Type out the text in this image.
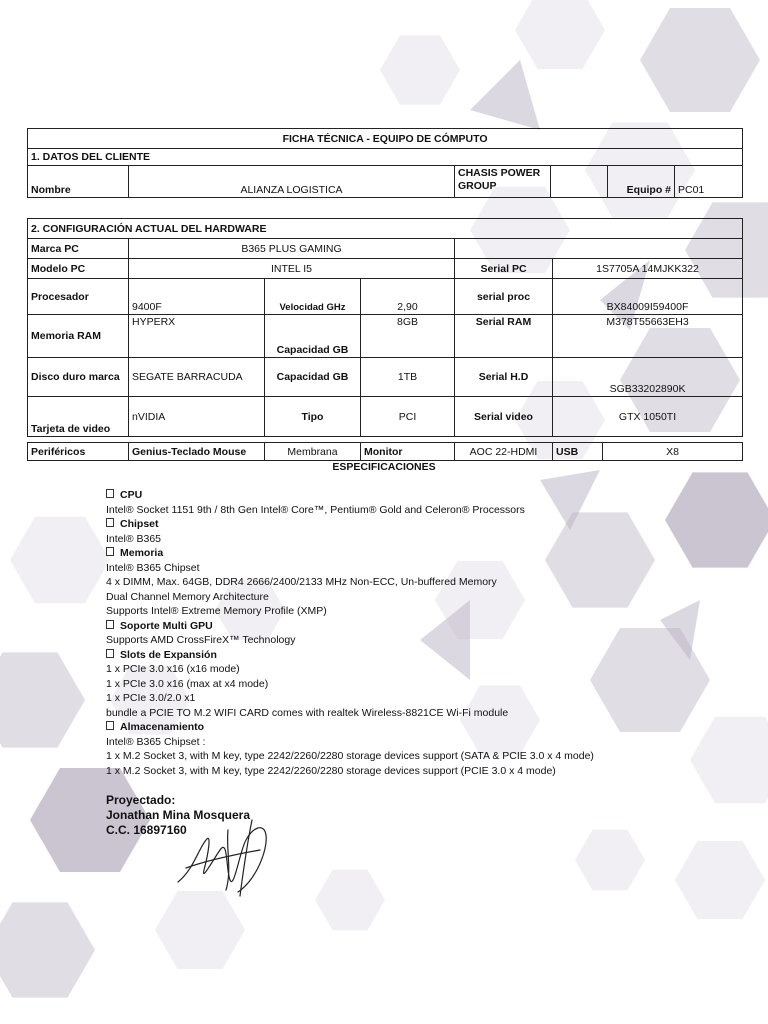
FICHA TÉCNICA - EQUIPO DE CÓMPUTO
1. DATOS DEL CLIENTE
Nombre	ALIANZA LOGISTICA	CHASIS POWER GROUP		Equipo #	PC01
2. CONFIGURACIÓN ACTUAL DEL HARDWARE					
Marca PC	B365 PLUS GAMING				
Modelo PC	INTEL I5			Serial PC	1S7705A 14MJKK322
Procesador	9400F	Velocidad GHz	2,90	serial proc	BX84009I59400F
Memoria RAM	HYPERX	Capacidad GB	8GB	Serial RAM	M378T55663EH3
Disco duro marca	SEGATE BARRACUDA	Capacidad GB	1TB	Serial H.D	SGB33202890K
Tarjeta de video	nVIDIA	Tipo	PCI	Serial video	GTX 1050TI
Periféricos	Genius-Teclado Mouse	Membrana	Monitor	AOC 22-HDMI	USB	X8
ESPECIFICACIONES
CPU
Intel® Socket 1151 9th / 8th Gen Intel® Core™, Pentium® Gold and Celeron® Processors
Chipset
Intel® B365
Memoria
Intel® B365 Chipset
4 x DIMM, Max. 64GB, DDR4 2666/2400/2133 MHz Non-ECC, Un-buffered Memory
Dual Channel Memory Architecture
Supports Intel® Extreme Memory Profile (XMP)
Soporte Multi GPU
Supports AMD CrossFireX™ Technology
Slots de Expansión
1 x PCIe 3.0 x16 (x16 mode)
1 x PCIe 3.0 x16 (max at x4 mode)
1 x PCIe 3.0/2.0 x1
bundle a PCIE TO M.2 WIFI CARD comes with realtek Wireless-8821CE Wi-Fi module
Almacenamiento
Intel® B365 Chipset :
1 x M.2 Socket 3, with M key, type 2242/2260/2280 storage devices support (SATA & PCIE 3.0 x 4 mode)
1 x M.2 Socket 3, with M key, type 2242/2260/2280 storage devices support (PCIE 3.0 x 4 mode)
Proyectado:
Jonathan Mina Mosquera
C.C. 16897160
